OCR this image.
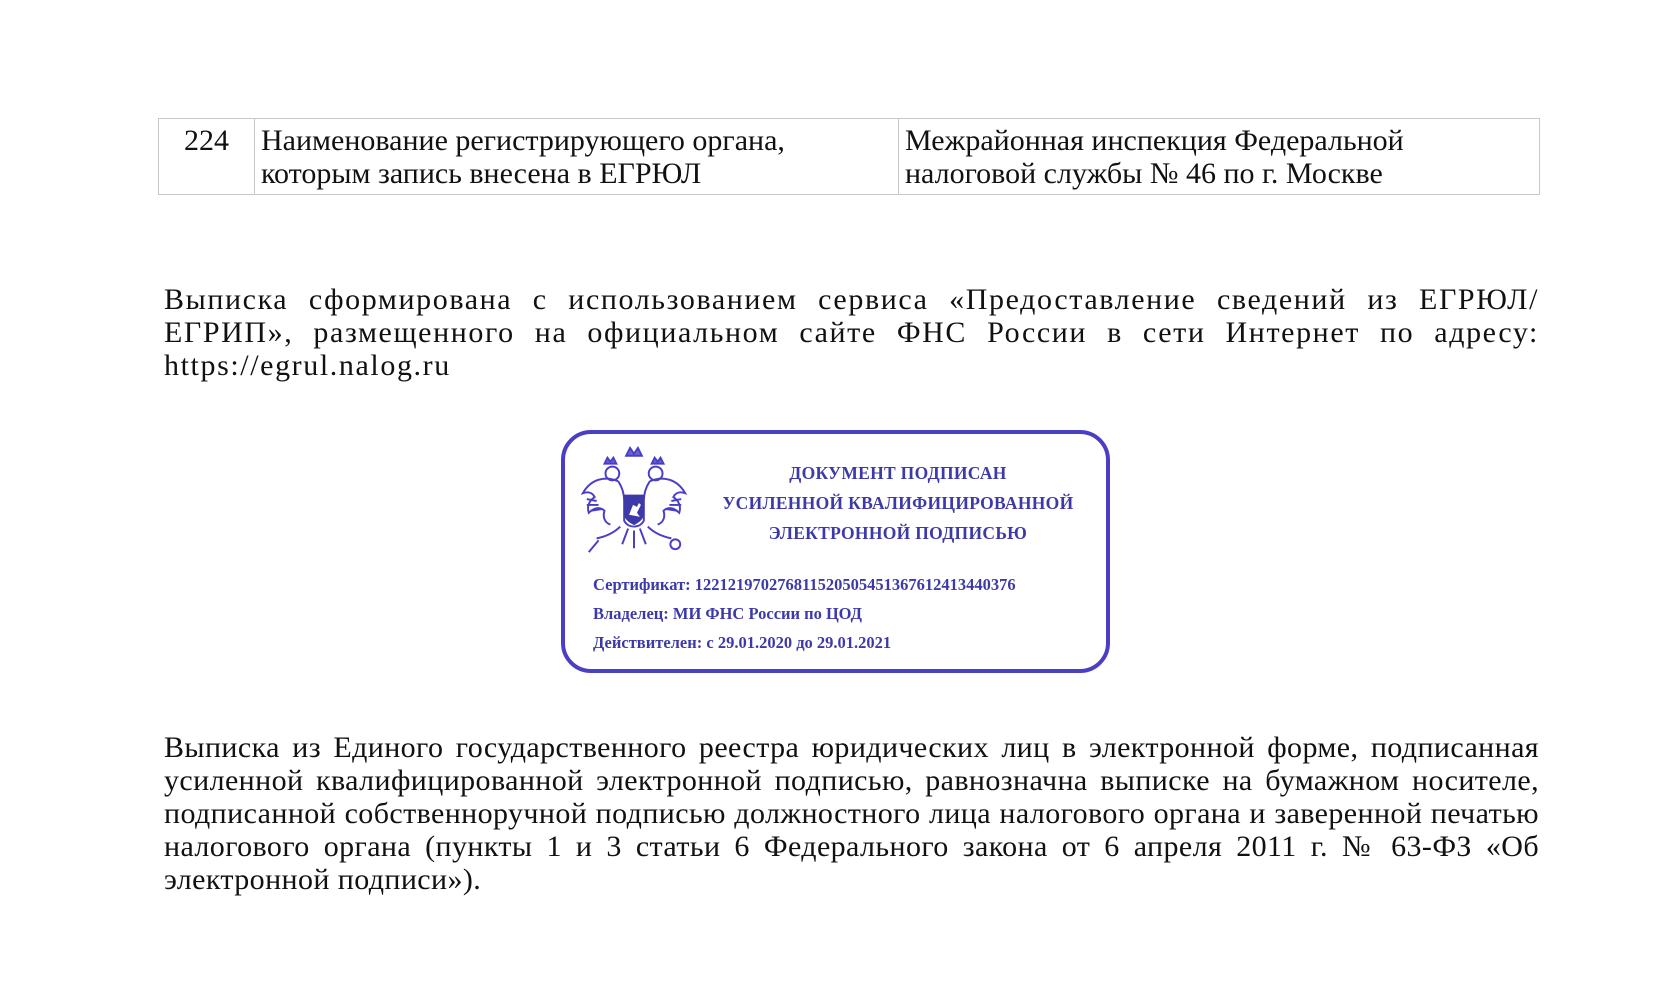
224	Наименование регистрирующего органа, которым запись внесена в ЕГРЮЛ	Межрайонная инспекция Федеральной налоговой службы № 46 по г. Москве

Выписка сформирована с использованием сервиса «Предоставление сведений из ЕГРЮЛ/ЕГРИП», размещенного на официальном сайте ФНС России в сети Интернет по адресу: https://egrul.nalog.ru

ДОКУМЕНТ ПОДПИСАН
УСИЛЕННОЙ КВАЛИФИЦИРОВАННОЙ
ЭЛЕКТРОННОЙ ПОДПИСЬЮ
Сертификат: 122121970276811520505451367612413440376
Владелец: МИ ФНС России по ЦОД
Действителен: с 29.01.2020 до 29.01.2021

Выписка из Единого государственного реестра юридических лиц в электронной форме, подписанная усиленной квалифицированной электронной подписью, равнозначна выписке на бумажном носителе, подписанной собственноручной подписью должностного лица налогового органа и заверенной печатью налогового органа (пункты 1 и 3 статьи 6 Федерального закона от 6 апреля 2011 г. № 63-ФЗ «Об электронной подписи»).
